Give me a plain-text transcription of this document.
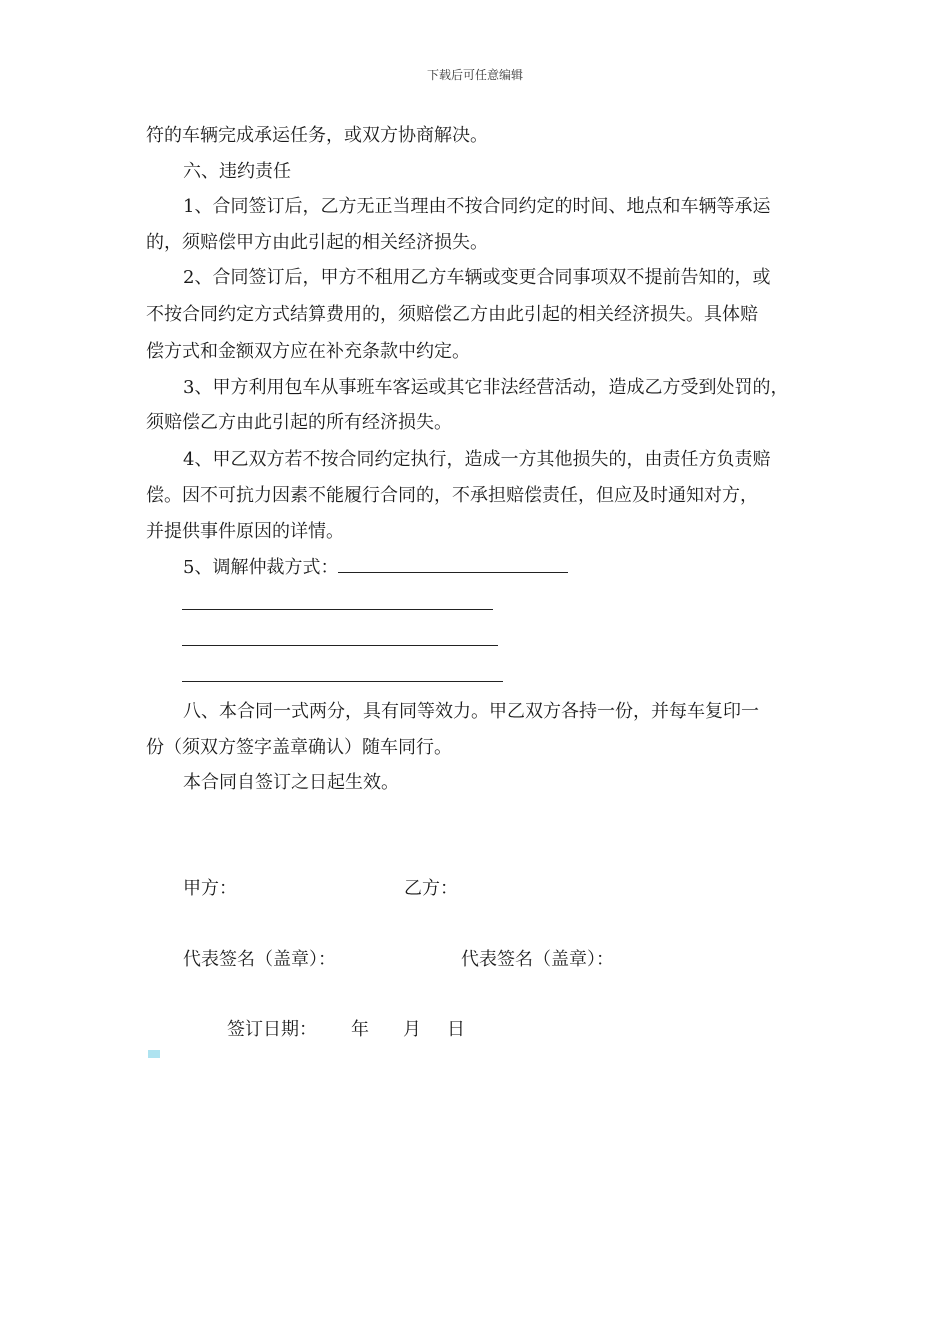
下载后可任意编辑
符的车辆完成承运任务，或双方协商解决。
六、违约责任
1、合同签订后，乙方无正当理由不按合同约定的时间、地点和车辆等承运
的，须赔偿甲方由此引起的相关经济损失。
2、合同签订后，甲方不租用乙方车辆或变更合同事项双不提前告知的，或
不按合同约定方式结算费用的，须赔偿乙方由此引起的相关经济损失。具体赔
偿方式和金额双方应在补充条款中约定。
3、甲方利用包车从事班车客运或其它非法经营活动，造成乙方受到处罚的，
须赔偿乙方由此引起的所有经济损失。
4、甲乙双方若不按合同约定执行，造成一方其他损失的，由责任方负责赔
偿。因不可抗力因素不能履行合同的，不承担赔偿责任，但应及时通知对方，
并提供事件原因的详情。
5、调解仲裁方式：
八、本合同一式两分，具有同等效力。甲乙双方各持一份，并每车复印一
份（须双方签字盖章确认）随车同行。
本合同自签订之日起生效。
甲方：	乙方：
代表签名（盖章）：	代表签名（盖章）：
签订日期： 年 月 日
